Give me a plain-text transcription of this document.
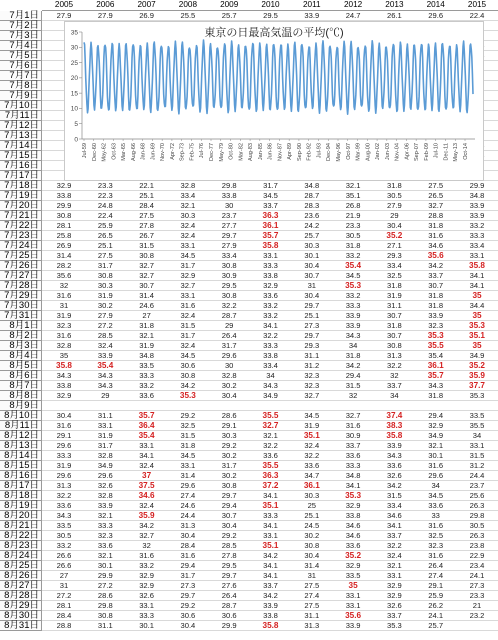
2005	2006	2007	2008	2009	2010	2011	2012	2013	2014	2015
7月1日	27.9	27.9	26.9	25.5	25.7	29.5	33.9	24.7	26.1	29.6	22.4
7月2日
7月3日
7月4日
7月5日
7月6日
7月7日
7月8日
7月9日
7月10日
7月11日
7月12日
7月13日
7月14日
7月15日
7月16日
7月17日
7月18日	32.9	23.3	22.1	32.8	29.8	31.7	34.8	32.1	31.8	27.5	29.9
7月19日	33.8	22.3	25.1	33.4	33.8	34.5	28.7	35.1	30.5	26.5	34.8
7月20日	29.9	24.8	28.4	32.1	30	33.7	28.3	26.8	27.9	32.7	33.9
7月21日	30.8	22.4	27.5	30.3	23.7	36.3	23.6	21.9	29	28.8	33.9
7月22日	28.1	25.9	27.8	32.4	27.7	36.1	24.2	23.3	30.4	31.8	33.2
7月23日	25.8	26.5	26.7	32.4	29.7	35.7	25.7	30.5	35.2	31.6	33.3
7月24日	26.9	25.1	31.5	33.1	27.9	35.8	30.3	31.8	27.1	34.6	33.4
7月25日	31.4	27.5	30.8	34.5	33.4	33.1	30.1	33.2	29.3	35.6	33.1
7月26日	28.2	31.7	32.7	31.7	30.8	33.3	30.4	35.4	33.4	34.2	35.8
7月27日	35.6	30.8	32.7	32.9	30.9	33.8	30.7	34.5	32.5	33.7	34.1
7月28日	32	30.3	30.7	32.7	29.5	32.9	31	35.3	31.8	30.7	34.1
7月29日	31.6	31.9	31.4	33.1	30.8	33.6	30.4	33.2	31.9	31.8	35
7月30日	31	30.2	24.6	31.6	32.2	33.2	29.7	33.3	31.1	31.8	34.4
7月31日	31.9	27.9	27	32.4	28.7	33.2	25.1	33.9	30.7	33.9	35
8月1日	32.3	27.2	31.8	31.5	29	34.1	27.3	33.9	31.8	32.3	35.3
8月2日	31.6	28.5	32.1	31.7	26.4	32.2	29.7	34.3	30.7	35.3	35.1
8月3日	32.8	32.4	31.9	32.4	31.7	33.3	29.3	34	30.8	35.5	35
8月4日	35	33.9	34.8	34.5	29.6	33.8	31.1	31.8	31.3	35.4	34.9
8月5日	35.8	35.4	33.5	30.6	30	33.4	31.2	34.2	32.2	36.1	35.2
8月6日	34.3	34.3	33.3	30.8	32.8	34	32.3	29.4	32	35.7	35.9
8月7日	33.8	34.3	33.2	34.2	30.2	34.3	32.3	31.5	33.7	34.3	37.7
8月8日	32.9	29	33.6	35.3	30.4	34.9	32.7	32	34	31.8	35.3
8月9日
8月10日	30.4	31.1	35.7	29.2	28.6	35.5	34.5	32.7	37.4	29.4	33.5
8月11日	31.6	33.1	36.4	32.5	29.1	32.7	31.9	31.6	38.3	32.9	35.5
8月12日	29.1	31.9	35.4	31.5	30.3	32.1	35.1	30.9	35.8	34.9	34
8月13日	29.6	31.7	33.1	31.8	29.2	32.2	32.4	33.7	33.9	32.1	33.1
8月14日	33.3	32.8	34.1	34.5	30.2	33.6	32.2	33.6	34.3	30.1	31.5
8月15日	31.9	34.9	32.4	33.1	31.7	35.5	33.6	33.3	33.6	31.6	31.2
8月16日	29.6	29.6	37	31.4	30.2	36.3	34.7	34.8	32.6	29.6	24.4
8月17日	31.3	32.6	37.5	29.6	30.8	37.2	36.1	34.1	34.2	34	23.7
8月18日	32.2	32.8	34.6	27.4	29.7	34.1	30.3	35.3	31.5	34.5	25.6
8月19日	33.6	33.9	32.4	24.6	29.4	35.1	25	32.9	33.4	33.6	26.3
8月20日	34.3	32.1	35.9	24.4	30.7	33.3	25.1	33.8	34.6	33	29.8
8月21日	33.5	33.3	34.2	31.3	30.4	34.1	24.5	34.6	34.1	31.6	30.5
8月22日	30.5	32.3	32.7	30.4	29.2	33.1	30.2	34.6	33.7	32.5	26.3
8月23日	33.2	33.6	32	28.4	28.5	35.1	30.8	33.6	32.2	32.3	23.8
8月24日	26.6	32.1	31.6	31.6	27.8	34.2	30.4	35.2	32.4	31.6	22.9
8月25日	26.6	30.1	33.2	29.4	29.5	34.1	31.4	32.9	32.1	26.4	23.4
8月26日	27	29.9	32.9	31.7	29.7	34.1	31	33.5	33.1	27.4	24.1
8月27日	31	27.2	32.9	27.3	27.6	33.7	27.5	35	32.9	29.1	27.3
8月28日	27.2	28.6	32.6	29.7	26.4	34.2	27.4	33.1	32.9	25.9	23.3
8月29日	28.1	29.8	33.1	29.2	28.7	33.9	27.5	33.1	32.6	26.2	21
8月30日	28.4	30.8	33.3	30.6	30.6	33.8	31.1	35.6	33.7	24.1	23.2
8月31日	28.8	31.1	30.1	30.4	29.9	35.8	31.3	33.9	35.3	25.7
東京の日最高気温の平均(℃)
0
5
10
15
20
25
30
35
Jul-59 Dec-60 May-62 Oct-63 Mar-65 Aug-66 Jan-68 Jun-69 Nov-70 Apr-72 Sep-73 Feb-75 Jul-76 Dec-77 May-79 Oct-80 Mar-82 Aug-83 Jan-85 Jun-86 Nov-87 Apr-89 Sep-90 Feb-92 Jul-93 Dec-94 May-96 Oct-97 Mar-99 Aug-00 Jan-02 Jun-03 Nov-04 Apr-06 Sep-07 Feb-09 Jul-10 Dec-11 May-13 Oct-14
